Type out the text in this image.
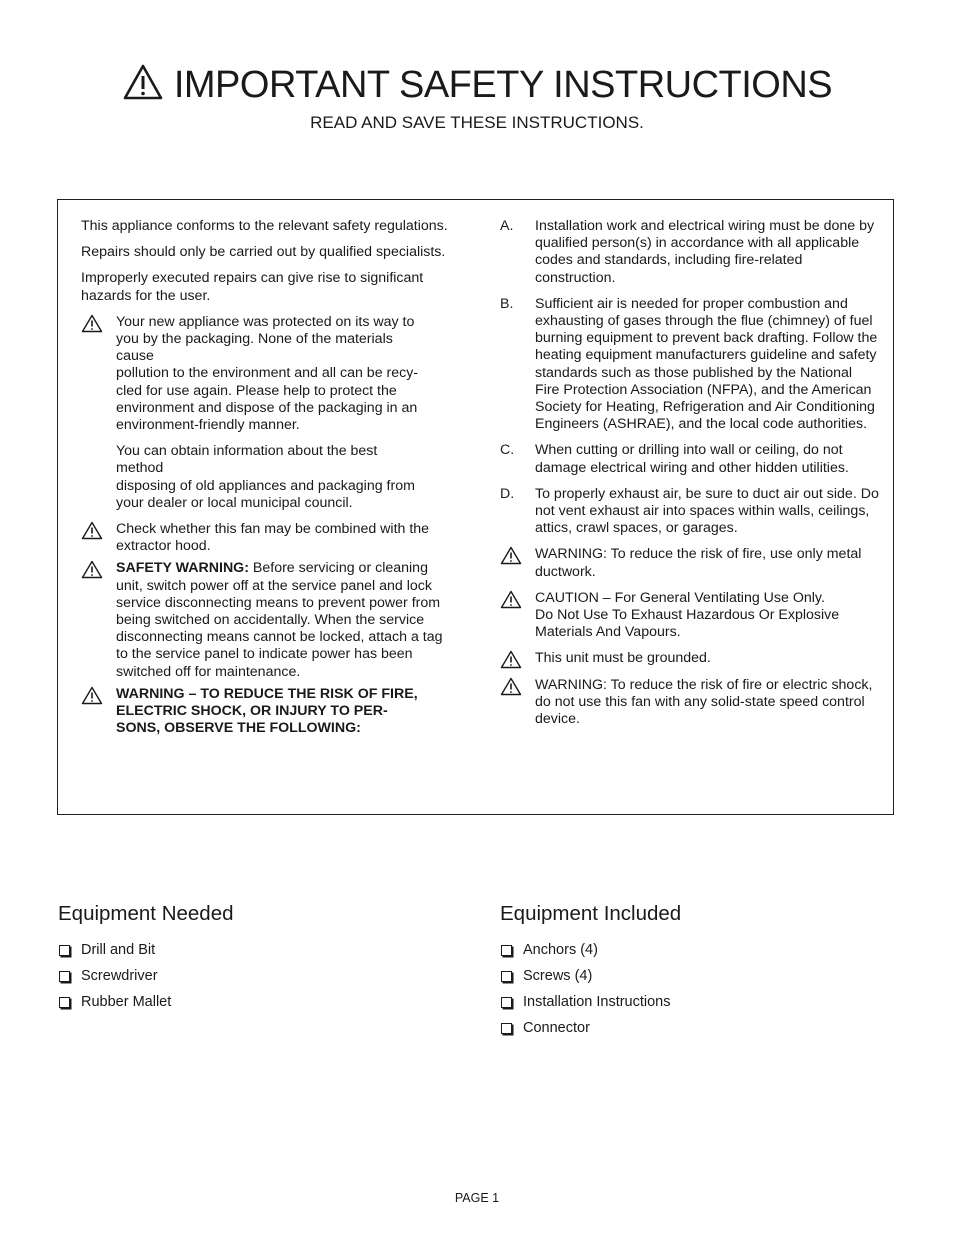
IMPORTANT SAFETY INSTRUCTIONS
READ AND SAVE THESE INSTRUCTIONS.

This appliance conforms to the relevant safety regulations.

Repairs should only be carried out by qualified specialists.

Improperly executed repairs can give rise to significant hazards for the user.

Your new appliance was protected on its way to
you by the packaging. None of the materials
cause
pollution to the environment and all can be recy-
cled for use again. Please help to protect the
environment and dispose of the packaging in an
environment-friendly manner.
You can obtain information about the best
method
disposing of old appliances and packaging from
your dealer or local municipal council.
Check whether this fan may be combined with the extractor hood.
SAFETY WARNING: Before servicing or cleaning unit, switch power off at the service panel and lock service disconnecting means to prevent power from being switched on accidentally. When the service disconnecting means cannot be locked, attach a tag to the service panel to indicate power has been switched off for maintenance.
WARNING – TO REDUCE THE RISK OF FIRE,
ELECTRIC SHOCK, OR INJURY TO PER-
SONS, OBSERVE THE FOLLOWING:
A. Installation work and electrical wiring must be done by qualified person(s) in accordance with all applicable codes and standards, including fire-related construction.
B. Sufficient air is needed for proper combustion and exhausting of gases through the flue (chimney) of fuel burning equipment to prevent back drafting. Follow the heating equipment manufacturers guideline and safety standards such as those published by the National Fire Protection Association (NFPA), and the American Society for Heating, Refrigeration and Air Conditioning Engineers (ASHRAE), and the local code authorities.
C. When cutting or drilling into wall or ceiling, do not damage electrical wiring and other hidden utilities.
D. To properly exhaust air, be sure to duct air out side. Do not vent exhaust air into spaces within walls, ceilings, attics, crawl spaces, or garages.
WARNING: To reduce the risk of fire, use only metal ductwork.
CAUTION – For General Ventilating Use Only.
Do Not Use To Exhaust Hazardous Or Explosive Materials And Vapours.
This unit must be grounded.
WARNING: To reduce the risk of fire or electric shock, do not use this fan with any solid-state speed control device.
Equipment Needed
Drill and Bit
Screwdriver
Rubber Mallet
Equipment Included
Anchors (4)
Screws (4)
Installation Instructions
Connector
PAGE 1
